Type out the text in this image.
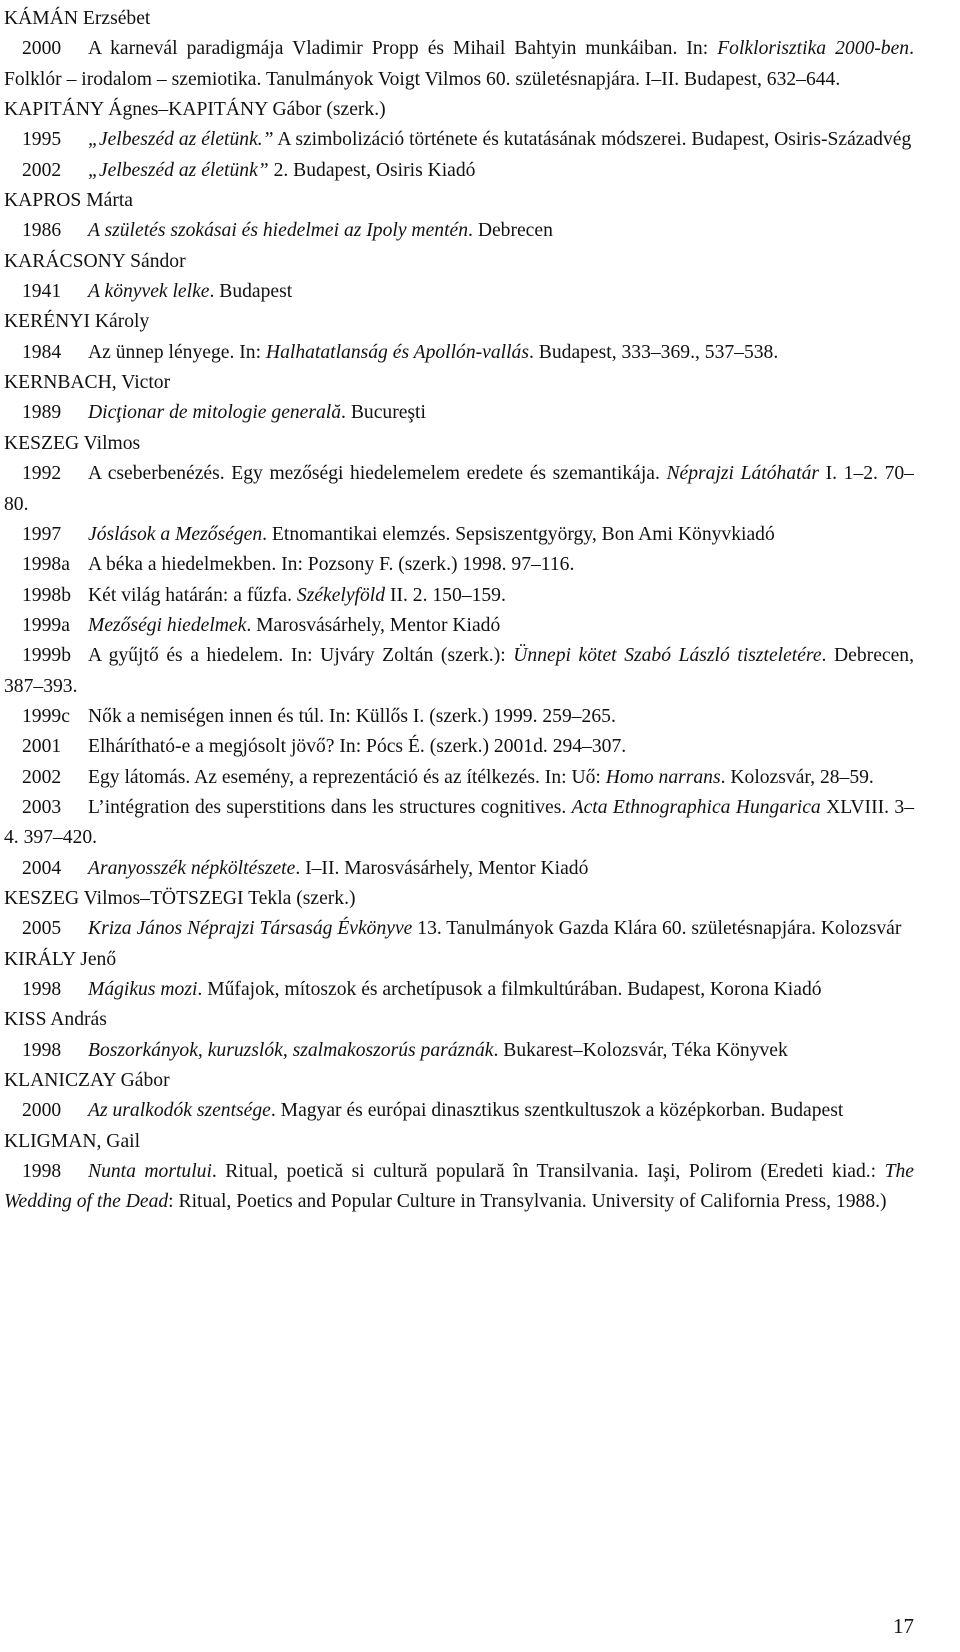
KÁMÁN Erzsébet
2000 A karnevál paradigmája Vladimir Propp és Mihail Bahtyin munkáiban. In: Folklorisztika 2000-ben. Folklór – irodalom – szemiotika. Tanulmányok Voigt Vilmos 60. születésnapjára. I–II. Budapest, 632–644.
KAPITÁNY Ágnes–KAPITÁNY Gábor (szerk.)
1995 „Jelbeszéd az életünk.” A szimbolizáció története és kutatásának módszerei. Budapest, Osiris-Századvég
2002 „Jelbeszéd az életünk” 2. Budapest, Osiris Kiadó
KAPROS Márta
1986 A születés szokásai és hiedelmei az Ipoly mentén. Debrecen
KARÁCSONY Sándor
1941 A könyvek lelke. Budapest
KERÉNYI Károly
1984 Az ünnep lényege. In: Halhatatlanság és Apollón-vallás. Budapest, 333–369., 537–538.
KERNBACH, Victor
1989 Dicţionar de mitologie generală. Bucureşti
KESZEG Vilmos
1992 A cseberbenézés. Egy mezőségi hiedelemelem eredete és szemantikája. Néprajzi Látóhatár I. 1–2. 70–80.
1997 Jóslások a Mezőségen. Etnomantikai elemzés. Sepsiszentgyörgy, Bon Ami Könyvkiadó
1998a A béka a hiedelmekben. In: Pozsony F. (szerk.) 1998. 97–116.
1998b Két világ határán: a fűzfa. Székelyföld II. 2. 150–159.
1999a Mezőségi hiedelmek. Marosvásárhely, Mentor Kiadó
1999b A gyűjtő és a hiedelem. In: Ujváry Zoltán (szerk.): Ünnepi kötet Szabó László tiszteletére. Debrecen, 387–393.
1999c Nők a nemiségen innen és túl. In: Küllős I. (szerk.) 1999. 259–265.
2001 Elhárítható-e a megjósolt jövő? In: Pócs É. (szerk.) 2001d. 294–307.
2002 Egy látomás. Az esemény, a reprezentáció és az ítélkezés. In: Uő: Homo narrans. Kolozsvár, 28–59.
2003 L’intégration des superstitions dans les structures cognitives. Acta Ethnographica Hungarica XLVIII. 3–4. 397–420.
2004 Aranyosszék népköltészete. I–II. Marosvásárhely, Mentor Kiadó
KESZEG Vilmos–TÖTSZEGI Tekla (szerk.)
2005 Kriza János Néprajzi Társaság Évkönyve 13. Tanulmányok Gazda Klára 60. születésnapjára. Kolozsvár
KIRÁLY Jenő
1998 Mágikus mozi. Műfajok, mítoszok és archetípusok a filmkultúrában. Budapest, Korona Kiadó
KISS András
1998 Boszorkányok, kuruzslók, szalmakoszorús paráznák. Bukarest–Kolozsvár, Téka Könyvek
KLANICZAY Gábor
2000 Az uralkodók szentsége. Magyar és európai dinasztikus szentkultuszok a középkorban. Budapest
KLIGMAN, Gail
1998 Nunta mortului. Ritual, poetică si cultură populară în Transilvania. Iaşi, Polirom (Eredeti kiad.: The Wedding of the Dead: Ritual, Poetics and Popular Culture in Transylvania. University of California Press, 1988.)
17
